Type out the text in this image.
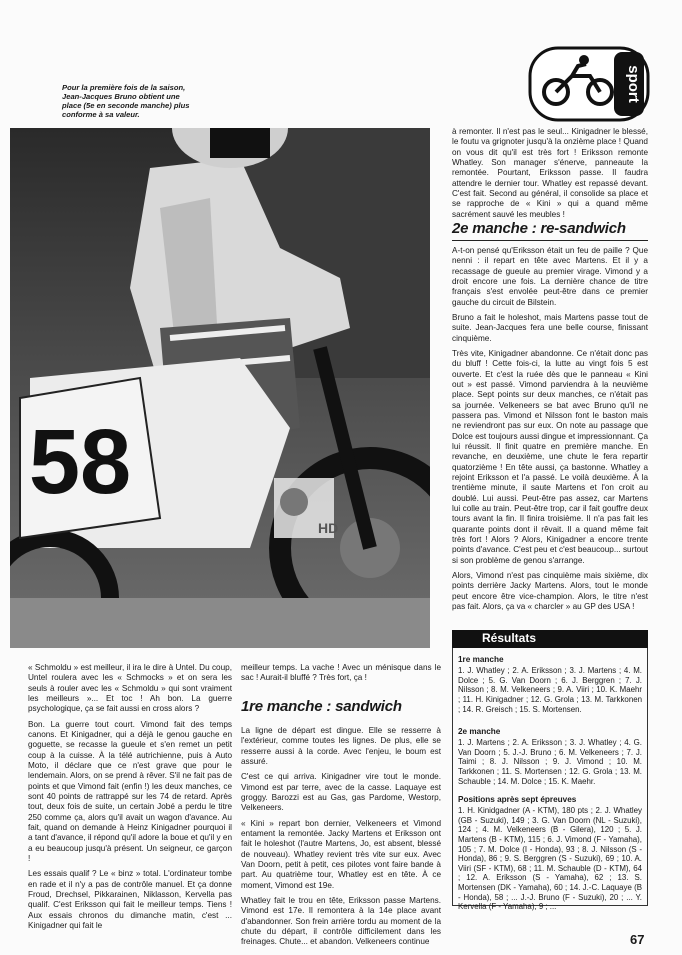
Pour la première fois de la saison,
Jean-Jacques Bruno obtient une
place (5e en seconde manche) plus
conforme à sa valeur.
sport
58
HD

à remonter. Il n'est pas le seul... Kinigadner le blessé, le foutu va grignoter jusqu'à la onzième place ! Quand on vous dit qu'il est très fort ! Eriksson remonte Whatley. Son manager s'énerve, panneaute la remontée. Pourtant, Eriksson passe. Il faudra attendre le dernier tour. Whatley est repassé devant. C'est fait. Second au général, il consolide sa place et se rapproche de « Kini » qui a quand même sacrément sauvé les meubles !

2e manche : re-sandwich

A-t-on pensé qu'Eriksson était un feu de paille ? Que nenni : il repart en tête avec Martens. Et il y a recassage de gueule au premier virage. Vimond y a droit encore une fois. La dernière chance de titre français s'est envolée peut-être dans ce premier gauche du circuit de Bilstein.

Bruno a fait le holeshot, mais Martens passe tout de suite. Jean-Jacques fera une belle course, finissant cinquième.

Très vite, Kinigadner abandonne. Ce n'était donc pas du bluff ! Cette fois-ci, la lutte au vingt fois 5 est ouverte. Et c'est la ruée dès que le panneau « Kini out » est passé. Vimond parviendra à la neuvième place. Sept points sur deux manches, ce n'était pas sa journée. Velkeneers se bat avec Bruno qu'il ne passera pas. Vimond et Nilsson font le baston mais ne reviendront pas sur eux. On note au passage que Dolce est toujours aussi dingue et impressionnant. Ça lui réussit. Il finit quatre en première manche. En revanche, en deuxième, une chute le fera repartir quatorzième ! En tête aussi, ça bastonne. Whatley a rejoint Eriksson et l'a passé. Le voilà deuxième. À la trentième minute, il saute Martens et l'on croit au doublé. Lui aussi. Peut-être pas assez, car Martens lui colle au train. Peut-être trop, car il fait gouffre deux tours avant la fin. Il finira troisième. Il n'a pas fait les quarante points dont il rêvait. Il a quand même fait très fort ! Alors ? Alors, Kinigadner a encore trente points d'avance. C'est peu et c'est beaucoup... surtout si son problème de genou s'arrange.

Alors, Vimond n'est pas cinquième mais sixième, dix points derrière Jacky Martens. Alors, tout le monde peut encore être vice-champion. Alors, le titre n'est pas fait. Alors, ça va « charcler » au GP des USA !

Résultats
1re manche
1. J. Whatley ; 2. A. Eriksson ; 3. J. Martens ; 4. M. Dolce ; 5. G. Van Doorn ; 6. J. Berggren ; 7. J. Nilsson ; 8. M. Velkeneers ; 9. A. Viiri ; 10. K. Maehr ; 11. H. Kinigadner ; 12. G. Grola ; 13. M. Tarkkonen ; 14. R. Greisch ; 15. S. Mortensen.
2e manche
1. J. Martens ; 2. A. Eriksson ; 3. J. Whatley ; 4. G. Van Doorn ; 5. J.-J. Bruno ; 6. M. Velkeneers ; 7. J. Taimi ; 8. J. Nilsson ; 9. J. Vimond ; 10. M. Tarkkonen ; 11. S. Mortensen ; 12. G. Grola ; 13. M. Schauble ; 14. M. Dolce ; 15. K. Maehr.
Positions après sept épreuves
1. H. Kinidgadner (A - KTM), 180 pts ; 2. J. Whatley (GB - Suzuki), 149 ; 3. G. Van Doorn (NL - Suzuki), 124 ; 4. M. Velkeneers (B - Gilera), 120 ; 5. J. Martens (B - KTM), 115 ; 6. J. Vimond (F - Yamaha), 105 ; 7. M. Dolce (I - Honda), 93 ; 8. J. Nilsson (S - Honda), 86 ; 9. S. Berggren (S - Suzuki), 69 ; 10. A. Viiri (SF - KTM), 68 ; 11. M. Schauble (D - KTM), 64 ; 12. A. Eriksson (S - Yamaha), 62 ; 13. S. Mortensen (DK - Yamaha), 60 ; 14. J.-C. Laquaye (B - Honda), 58 ; ... J.-J. Bruno (F - Suzuki), 20 ; ... Y. Kervella (F - Yamaha), 9 ; ...

« Schmoldu » est meilleur, il ira le dire à Untel. Du coup, Untel roulera avec les « Schmocks » et on sera les seuls à rouler avec les « Schmoldu » qui sont vraiment les meilleurs »... Et toc ! Ah bon. La guerre psychologique, ça se fait aussi en cross alors ?

Bon. La guerre tout court. Vimond fait des temps canons. Et Kinigadner, qui a déjà le genou gauche en goguette, se recasse la gueule et s'en remet un petit coup à la cuisse. À la télé autrichienne, puis à Auto Moto, il déclare que ce n'est grave que pour le lendemain. Alors, on se prend à rêver. S'il ne fait pas de points et que Vimond fait (enfin !) les deux manches, ce sont 40 points de rattrappé sur les 74 de retard. Après tout, deux fois de suite, un certain Jobé a perdu le titre 250 comme ça, alors qu'il avait un wagon d'avance. Au fait, quand on demande à Heinz Kinigadner pourquoi il a tant d'avance, il répond qu'il adore la boue et qu'il y en a eu beaucoup jusqu'à présent. Un seigneur, ce garçon !

Les essais qualif ? Le « binz » total. L'ordinateur tombe en rade et il n'y a pas de contrôle manuel. Et ça donne Froud, Drechsel, Pikkarainen, Niklasson, Kervella pas qualif. C'est Eriksson qui fait le meilleur temps. Tiens ! Aux essais chronos du dimanche matin, c'est ... Kinigadner qui fait le

meilleur temps. La vache ! Avec un ménisque dans le sac ! Aurait-il bluffé ? Très fort, ça !

1re manche : sandwich

La ligne de départ est dingue. Elle se resserre à l'extérieur, comme toutes les lignes. De plus, elle se resserre aussi à la corde. Avec l'enjeu, le boum est assuré.

C'est ce qui arriva. Kinigadner vire tout le monde. Vimond est par terre, avec de la casse. Laquaye est groggy. Barozzi est au Gas, gas Pardome, Westorp, Velkeneers.

« Kini » repart bon dernier, Velkeneers et Vimond entament la remontée. Jacky Martens et Eriksson ont fait le holeshot (l'autre Martens, Jo, est absent, blessé de nouveau). Whatley revient très vite sur eux. Avec Van Doorn, petit à petit, ces pilotes vont faire bande à part. Au quatrième tour, Whatley est en tête. À ce moment, Vimond est 19e.

Whatley fait le trou en tête, Eriksson passe Martens. Vimond est 17e. Il remontera à la 14e place avant d'abandonner. Son frein arrière tordu au moment de la chute du départ, il contrôle difficilement dans les freinages. Chute... et abandon. Velkeneers continue	67
